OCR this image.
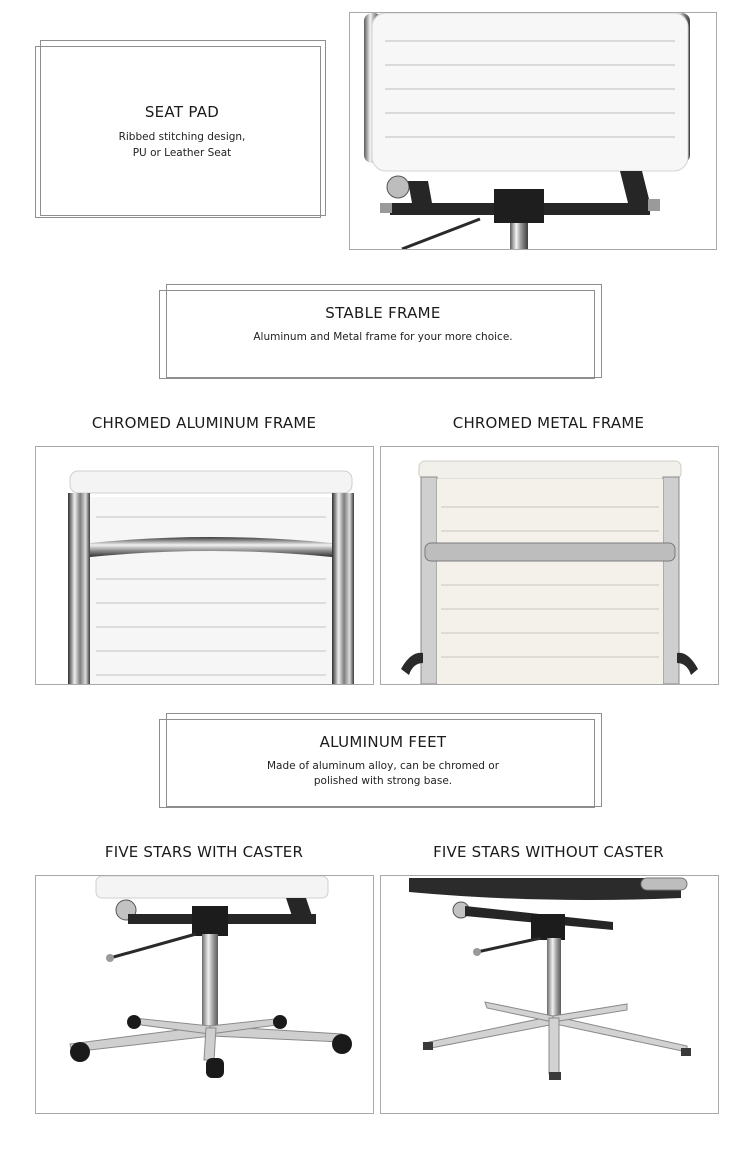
SEAT PAD
Ribbed stitching design,
PU or Leather Seat
STABLE FRAME
Aluminum and Metal frame for your more choice.
CHROMED ALUMINUM FRAME	CHROMED METAL FRAME
ALUMINUM FEET
Made of aluminum alloy, can be chromed or
polished with strong base.
FIVE STARS WITH CASTER	FIVE STARS WITHOUT CASTER
